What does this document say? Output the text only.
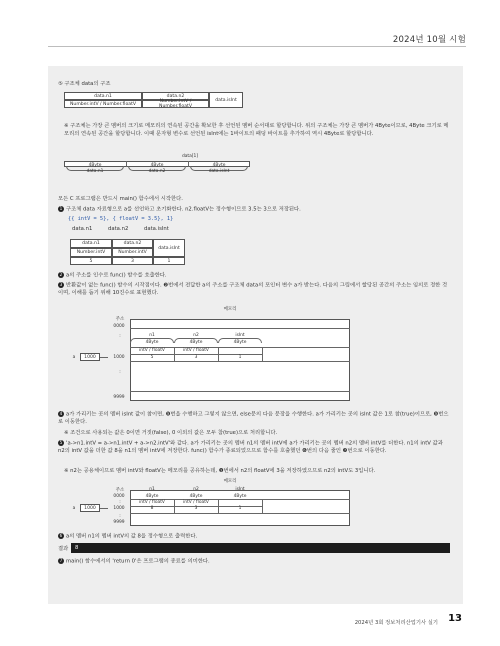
2024년 10월 시험
⑤ 구조체 data의 구조
data.n1	data.n2
data.isInt
Number.intV / Number.floatV	Number.intV / Number.floatV
※ 구조체는 가장 큰 멤버의 크기로 메모리의 연속된 공간을 확보한 후 선언된 멤버 순서대로 할당합니다. 위의 구조체는 가장 큰 멤버가 4Byte이므로, 4Byte 크기로 메모리의 연속된 공간을 할당합니다. 이때 문자형 변수로 선언된 isInt에는 1바이트의 패딩 바이트를 추가하여 역시 4Byte로 할당합니다.
data[1]
4Byte	4Byte	4Byte
data.n1	data.n2	data.isInt
모든 C 프로그램은 반드시 main() 함수에서 시작한다.
1 구조체 data 자료형으로 a를 선언하고 초기화한다. n2.floatV는 정수형이므로 3.5는 3으로 저장된다.
{{ intV = 5}, { floatV = 3.5}, 1}
data.n1	data.n2	data.isInt
data.n1	data.n2
data.isInt
Number.intV	Number.intV
5	3	1
2 a의 주소를 인수로 func() 함수를 호출한다.
3 반환값이 없는 func() 함수의 시작점이다. ❷번에서 전달한 a의 주소를 구조체 data의 포인터 변수 a가 받는다. 다음의 그림에서 할당된 공간의 주소는 임의로 정한 것이며, 이해를 돕기 위해 10진수로 표현했다.
메모리
주소
0000
:	n1	n2	isInt
4Byte	4Byte	4Byte
intV / floatV	intV / floatV
a	1000	1000	5	3	1
:
9999
4 a가 가리키는 곳의 멤버 isInt 값이 참이면, ❺번을 수행하고 그렇지 않으면, else문의 다음 문장을 수행한다. a가 가리키는 곳의 isInt 값은 1로 참(true)이므로, ❺번으로 이동한다.
※ 조건으로 사용되는 값은 0이면 거짓(false), 0 이외의 값은 모두 참(true)으로 처리합니다.
5 'a->n1.intV = a->n1.intV + a->n2.intV'와 같다. a가 가리키는 곳의 멤버 n1의 멤버 intV에 a가 가리키는 곳의 멤버 n2의 멤버 intV를 더한다. n1의 intV 값과 n2의 intV 값을 더한 값 8을 n1의 멤버 intV에 저장한다. func() 함수가 종료되었으므로 함수를 호출했던 ❻번의 다음 줄인 ❼번으로 이동한다.
※ n2는 공용체이므로 멤버 intV와 floatV는 메모리를 공유하는데, ❶번에서 n2의 floatV에 3을 저장하였으므로 n2의 intV도 3입니다.
메모리
주소
0000
:
n1	n2	isInt
4Byte	4Byte	4Byte
intV / floatV	intV / floatV
a	1000	1000	8	3	1
:
9999
6 a의 멤버 n1의 멤버 intV의 값 8을 정수형으로 출력한다.
결과	8
7 main() 함수에서의 'return 0'은 프로그램의 종료를 의미한다.
2024년 3회 정보처리산업기사 실기 13
